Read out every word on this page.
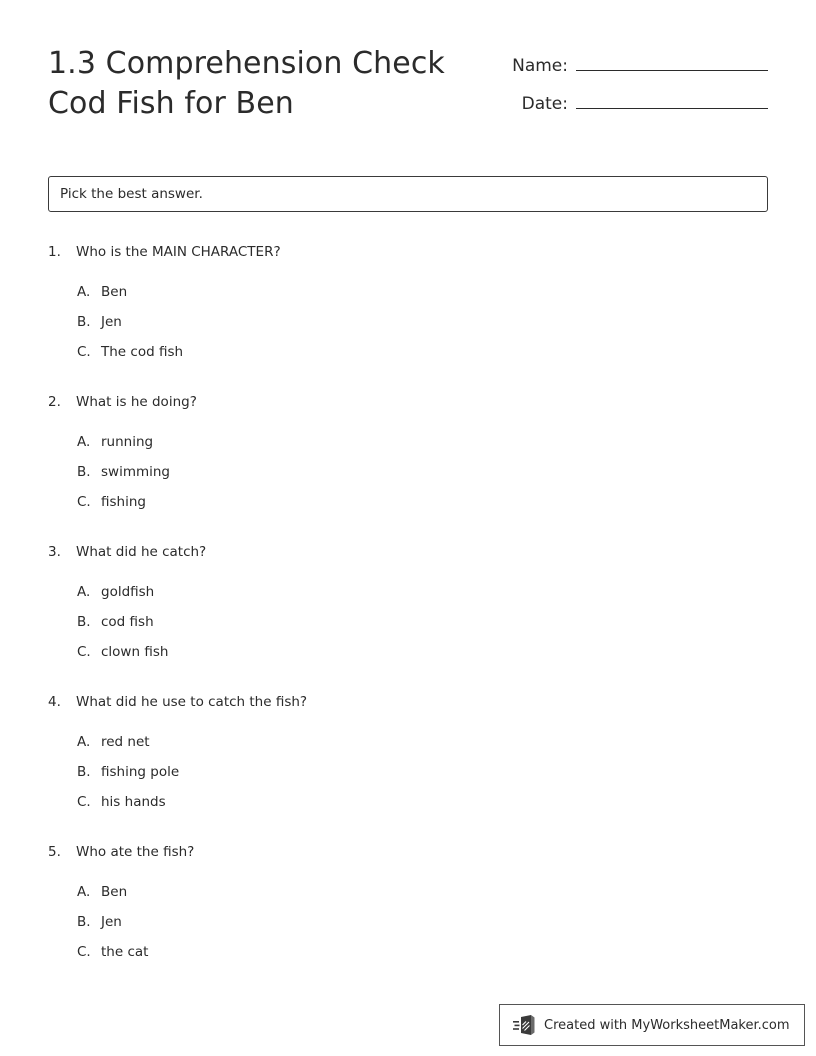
1.3 Comprehension Check
Cod Fish for Ben
Name:
Date:
Pick the best answer.
1.	Who is the MAIN CHARACTER?
A. Ben
B. Jen
C. The cod fish
2.	What is he doing?
A. running
B. swimming
C. fishing
3.	What did he catch?
A. goldfish
B. cod fish
C. clown fish
4.	What did he use to catch the fish?
A. red net
B. fishing pole
C. his hands
5.	Who ate the fish?
A. Ben
B. Jen
C. the cat
Created with MyWorksheetMaker.com
